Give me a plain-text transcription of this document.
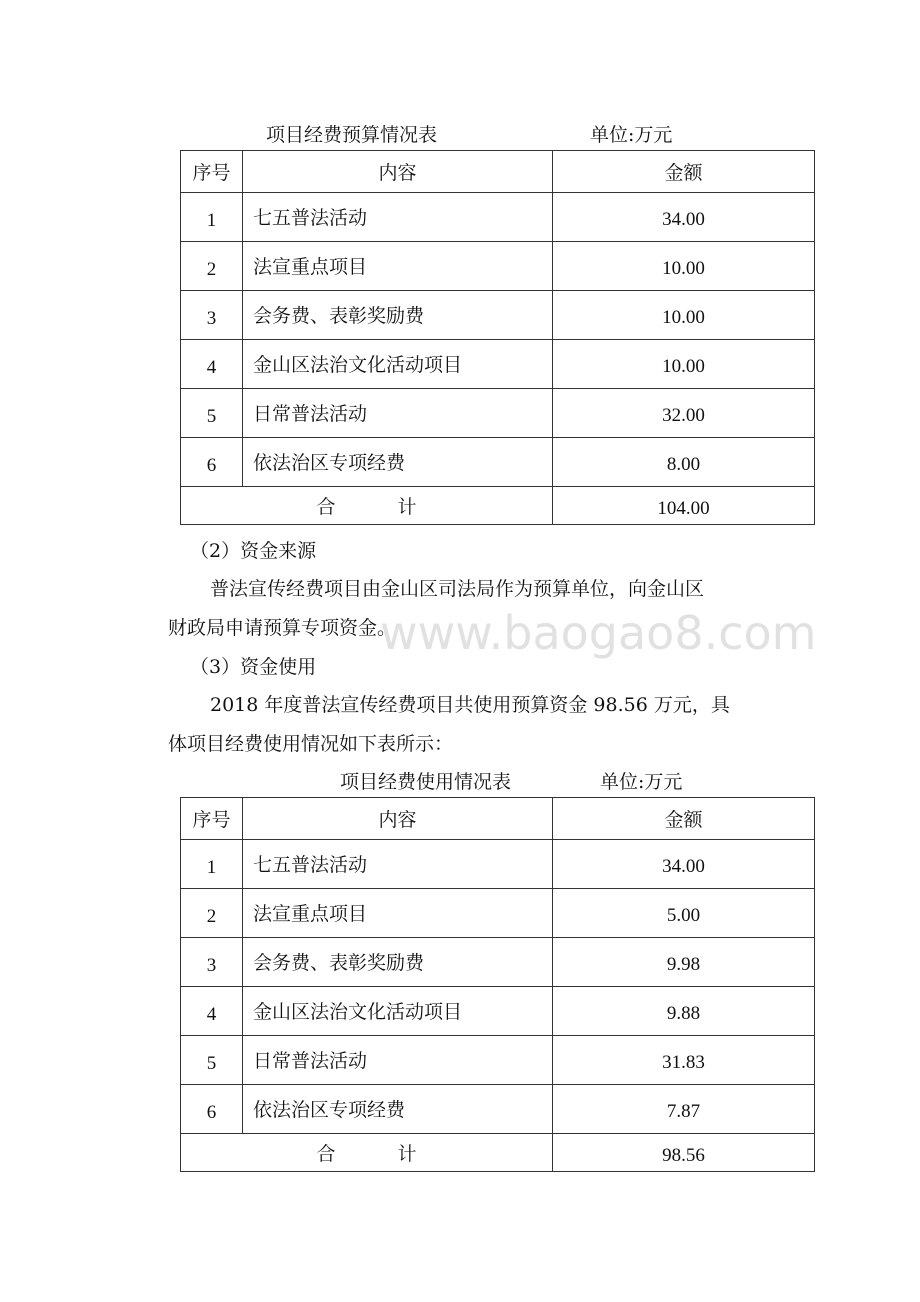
项目经费预算情况表	单位:万元
序号	内容	金额
1	七五普法活动	34.00
2	法宣重点项目	10.00
3	会务费、表彰奖励费	10.00
4	金山区法治文化活动项目	10.00
5	日常普法活动	32.00
6	依法治区专项经费	8.00
合 计		104.00
（2）资金来源
普法宣传经费项目由金山区司法局作为预算单位，向金山区
财政局申请预算专项资金。
（3）资金使用
2018 年度普法宣传经费项目共使用预算资金 98.56 万元，具
体项目经费使用情况如下表所示：
项目经费使用情况表	单位:万元
序号	内容	金额
1	七五普法活动	34.00
2	法宣重点项目	5.00
3	会务费、表彰奖励费	9.98
4	金山区法治文化活动项目	9.88
5	日常普法活动	31.83
6	依法治区专项经费	7.87
合 计		98.56
www.baogao8.com
